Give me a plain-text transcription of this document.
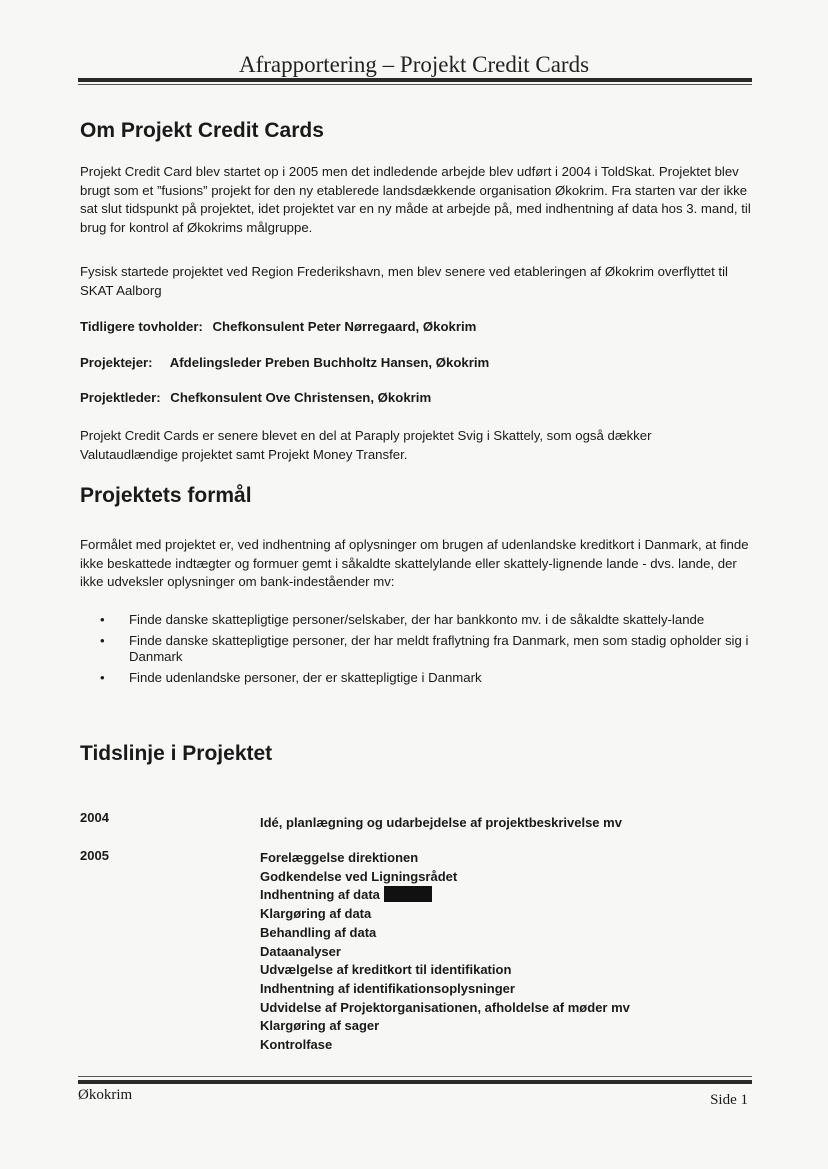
Afrapportering – Projekt Credit Cards
Om Projekt Credit Cards
Projekt Credit Card blev startet op i 2005 men det indledende arbejde blev udført i 2004 i ToldSkat. Projektet blev brugt som et ”fusions” projekt for den ny etablerede landsdækkende organisation Økokrim. Fra starten var der ikke sat slut tidspunkt på projektet, idet projektet var en ny måde at arbejde på, med indhentning af data hos 3. mand, til brug for kontrol af Økokrims målgruppe.
Fysisk startede projektet ved Region Frederikshavn, men blev senere ved etableringen af Økokrim overflyttet til SKAT Aalborg
Tidligere tovholder: Chefkonsulent Peter Nørregaard, Økokrim
Projektejer: Afdelingsleder Preben Buchholtz Hansen, Økokrim
Projektleder: Chefkonsulent Ove Christensen, Økokrim
Projekt Credit Cards er senere blevet en del at Paraply projektet Svig i Skattely, som også dækker Valutaudlændige projektet samt Projekt Money Transfer.
Projektets formål
Formålet med projektet er, ved indhentning af oplysninger om brugen af udenlandske kreditkort i Danmark, at finde ikke beskattede indtægter og formuer gemt i såkaldte skattelylande eller skattely-lignende lande - dvs. lande, der ikke udveksler oplysninger om bank-indeståender mv:
• Finde danske skattepligtige personer/selskaber, der har bankkonto mv. i de såkaldte skattely-lande
• Finde danske skattepligtige personer, der har meldt fraflytning fra Danmark, men som stadig opholder sig i Danmark
• Finde udenlandske personer, der er skattepligtige i Danmark
Tidslinje i Projektet
2004	Idé, planlægning og udarbejdelse af projektbeskrivelse mv
2005	Forelæggelse direktionen
Godkendelse ved Ligningsrådet
Indhentning af data
Klargøring af data
Behandling af data
Dataanalyser
Udvælgelse af kreditkort til identifikation
Indhentning af identifikationsoplysninger
Udvidelse af Projektorganisationen, afholdelse af møder mv
Klargøring af sager
Kontrolfase
Økokrim	Side 1
